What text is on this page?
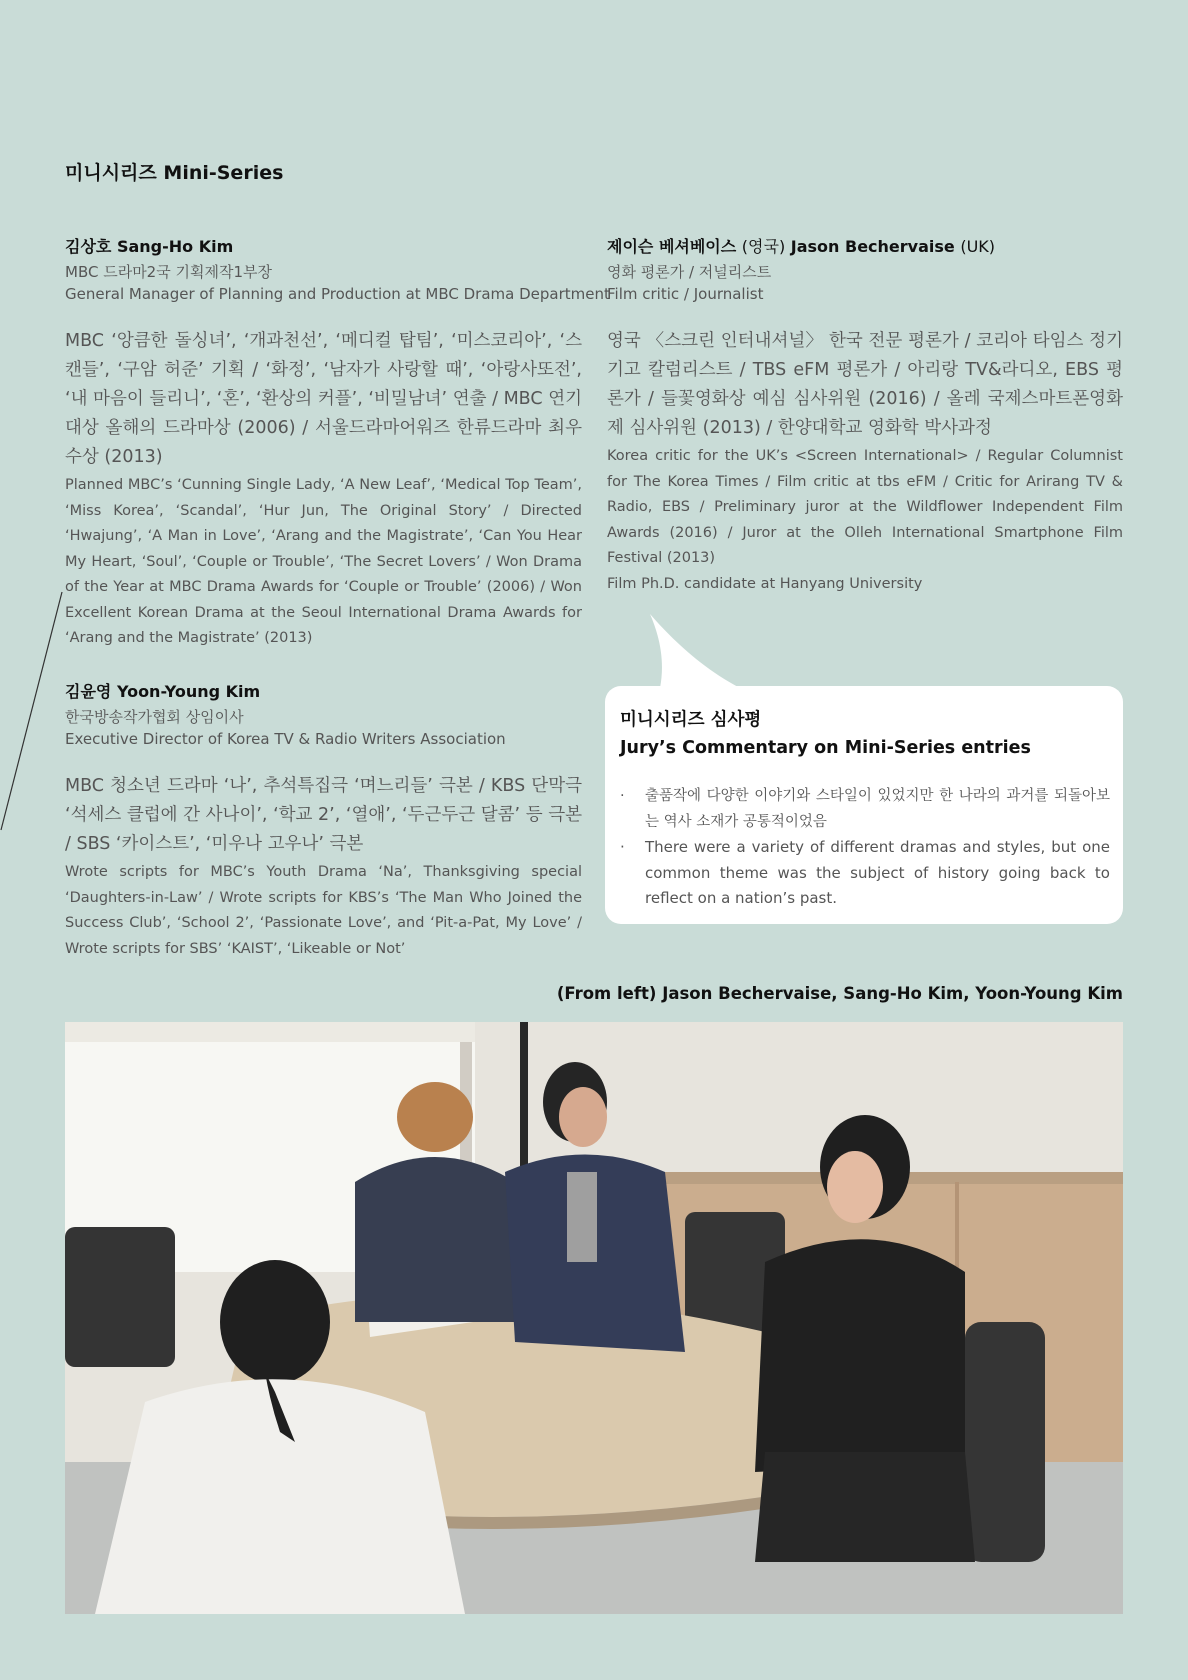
미니시리즈 Mini-Series
김상호 Sang-Ho Kim
MBC 드라마2국 기획제작1부장
General Manager of Planning and Production at MBC Drama Department
MBC ‘앙큼한 돌싱녀’, ‘개과천선’, ‘메디컬 탑팀’, ‘미스코리아’, ‘스캔들’, ‘구암 허준’ 기획 / ‘화정’, ‘남자가 사랑할 때’, ‘아랑사또전’, ‘내 마음이 들리니’, ‘혼’, ‘환상의 커플’, ‘비밀남녀’ 연출 / MBC 연기대상 올해의 드라마상 (2006) / 서울드라마어워즈 한류드라마 최우수상 (2013)
Planned MBC’s ‘Cunning Single Lady, ‘A New Leaf’, ‘Medical Top Team’, ‘Miss Korea’, ‘Scandal’, ‘Hur Jun, The Original Story’ / Directed ‘Hwajung’, ‘A Man in Love’, ‘Arang and the Magistrate’, ‘Can You Hear My Heart, ‘Soul’, ‘Couple or Trouble’, ‘The Secret Lovers’ / Won Drama of the Year at MBC Drama Awards for ‘Couple or Trouble’ (2006) / Won Excellent Korean Drama at the Seoul International Drama Awards for ‘Arang and the Magistrate’ (2013)
제이슨 베셔베이스 (영국) Jason Bechervaise (UK)
영화 평론가 / 저널리스트
Film critic / Journalist
영국 〈스크린 인터내셔널〉 한국 전문 평론가 / 코리아 타임스 정기 기고 칼럼리스트 / TBS eFM 평론가 / 아리랑 TV&라디오, EBS 평론가 / 들꽃영화상 예심 심사위원 (2016) / 올레 국제스마트폰영화제 심사위원 (2013) / 한양대학교 영화학 박사과정
Korea critic for the UK’s <Screen International> / Regular Columnist for The Korea Times / Film critic at tbs eFM / Critic for Arirang TV & Radio, EBS / Preliminary juror at the Wildflower Independent Film Awards (2016) / Juror at the Olleh International Smartphone Film Festival (2013)
Film Ph.D. candidate at Hanyang University
김윤영 Yoon-Young Kim
한국방송작가협회 상임이사
Executive Director of Korea TV & Radio Writers Association
MBC 청소년 드라마 ‘나’, 추석특집극 ‘며느리들’ 극본 / KBS 단막극 ‘석세스 클럽에 간 사나이’, ‘학교 2’, ‘열애’, ‘두근두근 달콤’ 등 극본 / SBS ‘카이스트’, ‘미우나 고우나’ 극본
Wrote scripts for MBC’s Youth Drama ‘Na’, Thanksgiving special ‘Daughters-in-Law’ / Wrote scripts for KBS’s ‘The Man Who Joined the Success Club’, ‘School 2’, ‘Passionate Love’, and ‘Pit-a-Pat, My Love’ / Wrote scripts for SBS’ ‘KAIST’, ‘Likeable or Not’
미니시리즈 심사평
Jury’s Commentary on Mini-Series entries
· 출품작에 다양한 이야기와 스타일이 있었지만 한 나라의 과거를 되돌아보는 역사 소재가 공통적이었음
· There were a variety of different dramas and styles, but one common theme was the subject of history going back to reflect on a nation’s past.
(From left) Jason Bechervaise, Sang-Ho Kim, Yoon-Young Kim
